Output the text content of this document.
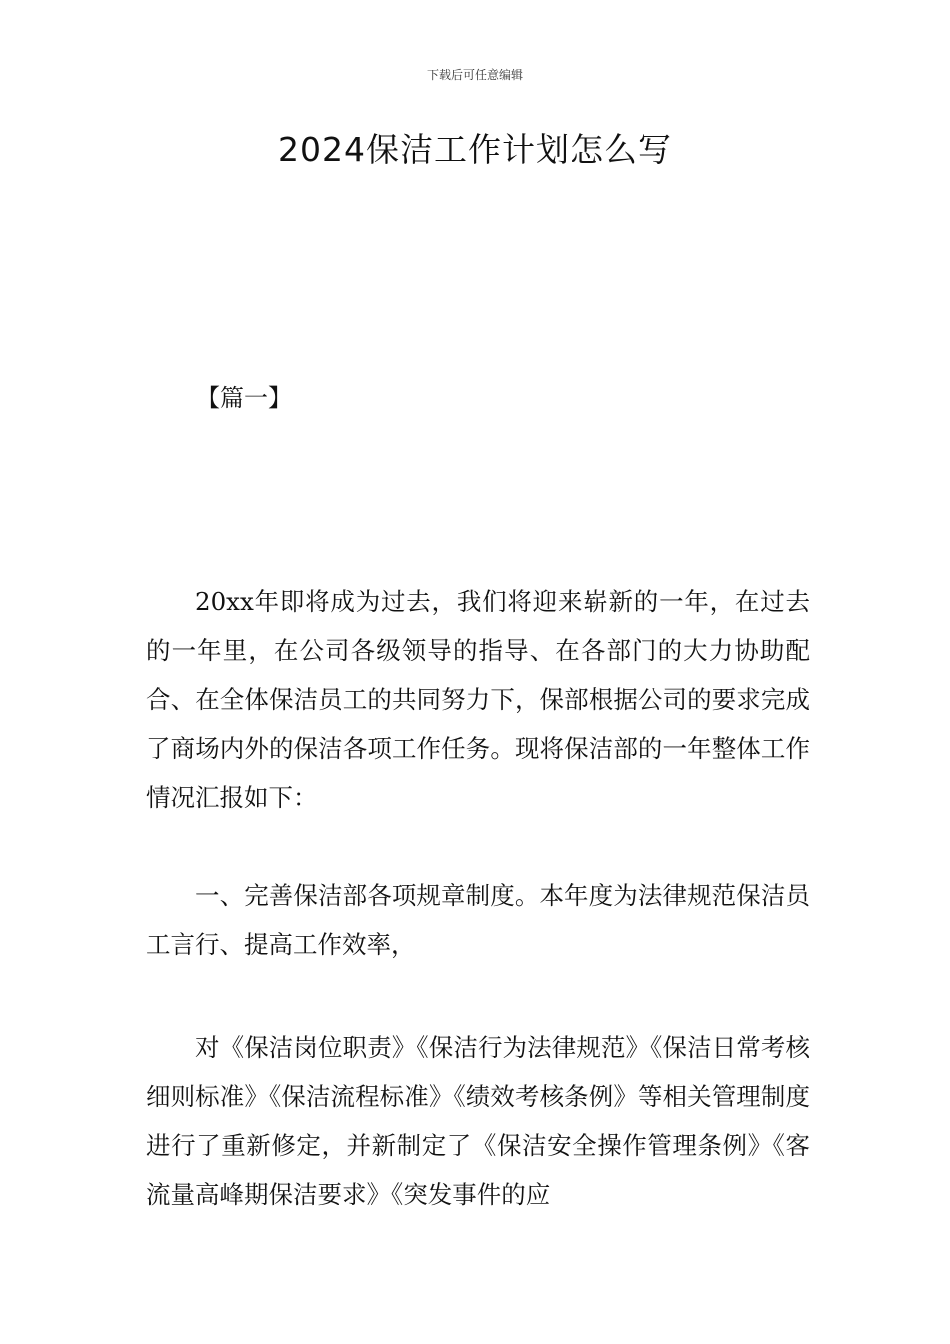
下载后可任意编辑
2024保洁工作计划怎么写
【篇一】

20xx年即将成为过去，我们将迎来崭新的一年，在过去的一年里，在公司各级领导的指导、在各部门的大力协助配合、在全体保洁员工的共同努力下，保部根据公司的要求完成了商场内外的保洁各项工作任务。现将保洁部的一年整体工作情况汇报如下：

一、完善保洁部各项规章制度。本年度为法律规范保洁员工言行、提高工作效率，

对《保洁岗位职责》《保洁行为法律规范》《保洁日常考核细则标准》《保洁流程标准》《绩效考核条例》等相关管理制度进行了重新修定，并新制定了《保洁安全操作管理条例》《客流量高峰期保洁要求》《突发事件的应
